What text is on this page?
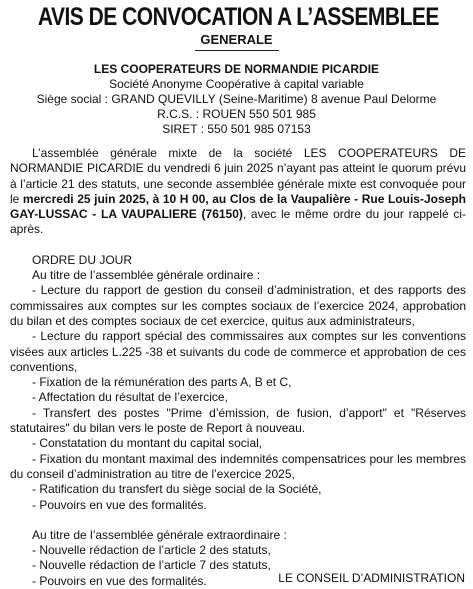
AVIS DE CONVOCATION A L’ASSEMBLEE
GENERALE
LES COOPERATEURS DE NORMANDIE PICARDIE
Société Anonyme Coopérative à capital variable
Siège social : GRAND QUEVILLY (Seine-Maritime) 8 avenue Paul Delorme
R.C.S. : ROUEN 550 501 985
SIRET : 550 501 985 07153

L’assemblée générale mixte de la société LES COOPERATEURS DE NORMANDIE PICARDIE du vendredi 6 juin 2025 n’ayant pas atteint le quorum prévu à l’article 21 des statuts, une seconde assemblée générale mixte est convoquée pour le mercredi 25 juin 2025, à 10 H 00, au Clos de la Vaupalière - Rue Louis-Joseph GAY-LUSSAC - LA VAUPALIERE (76150), avec le même ordre du jour rappelé ci-après.

ORDRE DU JOUR

Au titre de l’assemblée générale ordinaire :

- Lecture du rapport de gestion du conseil d’administration, et des rapports des commissaires aux comptes sur les comptes sociaux de l’exercice 2024, approbation du bilan et des comptes sociaux de cet exercice, quitus aux administrateurs,

- Lecture du rapport spécial des commissaires aux comptes sur les conventions visées aux articles L.225 -38 et suivants du code de commerce et approbation de ces conventions,

- Fixation de la rémunération des parts A, B et C,

- Affectation du résultat de l’exercice,

- Transfert des postes "Prime d’émission, de fusion, d’apport" et "Réserves statutaires" du bilan vers le poste de Report à nouveau.

- Constatation du montant du capital social,

- Fixation du montant maximal des indemnités compensatrices pour les membres du conseil d’administration au titre de l’exercice 2025,

- Ratification du transfert du siège social de la Société,

- Pouvoirs en vue des formalités.

Au titre de l’assemblée générale extraordinaire :

- Nouvelle rédaction de l’article 2 des statuts,

- Nouvelle rédaction de l’article 7 des statuts,

- Pouvoirs en vue des formalités.	LE CONSEIL D’ADMINISTRATION
